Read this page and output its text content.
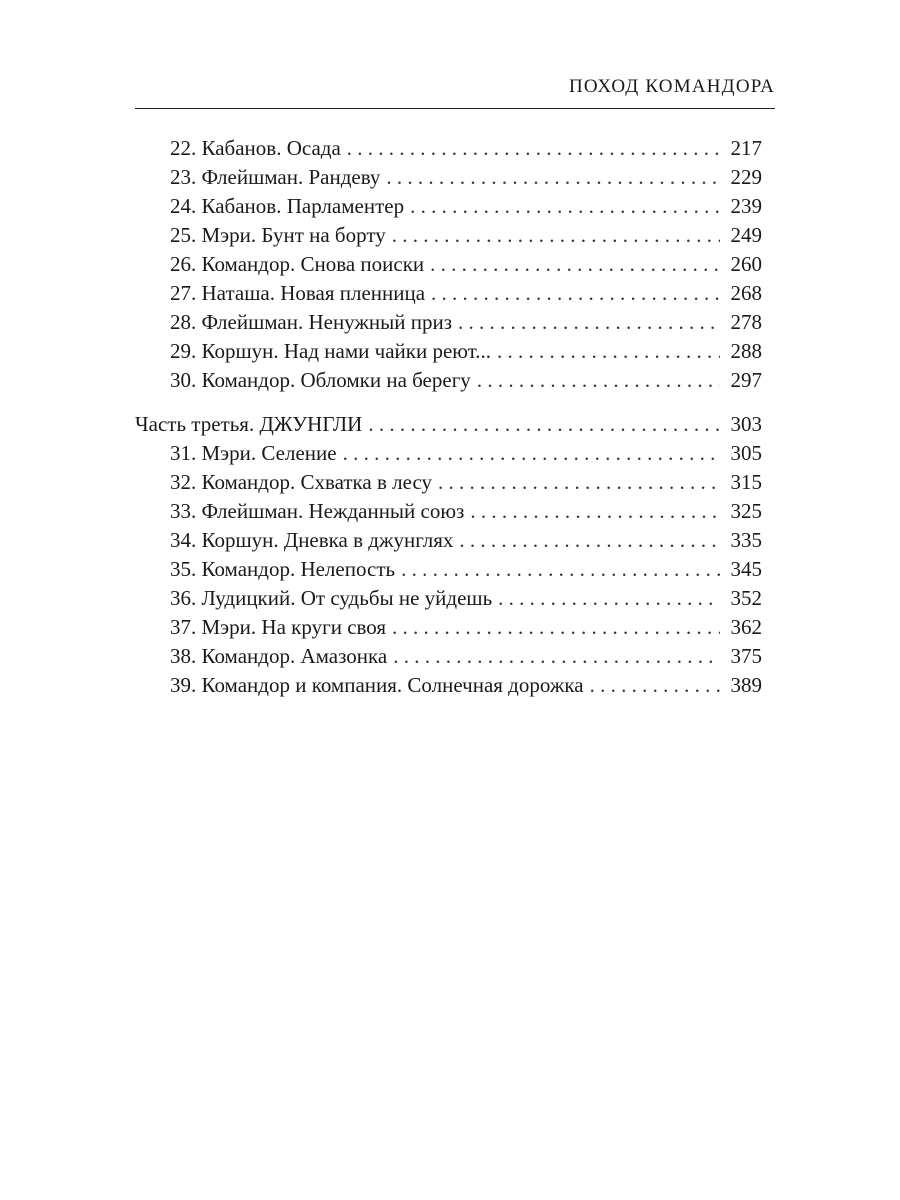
ПОХОД КОМАНДОРА
22. Кабанов. Осада . . .	217
23. Флейшман. Рандеву . . .	229
24. Кабанов. Парламентер . . .	239
25. Мэри. Бунт на борту . . .	249
26. Командор. Снова поиски . . .	260
27. Наташа. Новая пленница . . .	268
28. Флейшман. Ненужный приз . . .	278
29. Коршун. Над нами чайки реют... . . .	288
30. Командор. Обломки на берегу . . .	297
Часть третья. ДЖУНГЛИ . . .	303
31. Мэри. Селение . . .	305
32. Командор. Схватка в лесу . . .	315
33. Флейшман. Нежданный союз . . .	325
34. Коршун. Дневка в джунглях . . .	335
35. Командор. Нелепость . . .	345
36. Лудицкий. От судьбы не уйдешь . . .	352
37. Мэри. На круги своя . . .	362
38. Командор. Амазонка . . .	375
39. Командор и компания. Солнечная дорожка . . .	389
